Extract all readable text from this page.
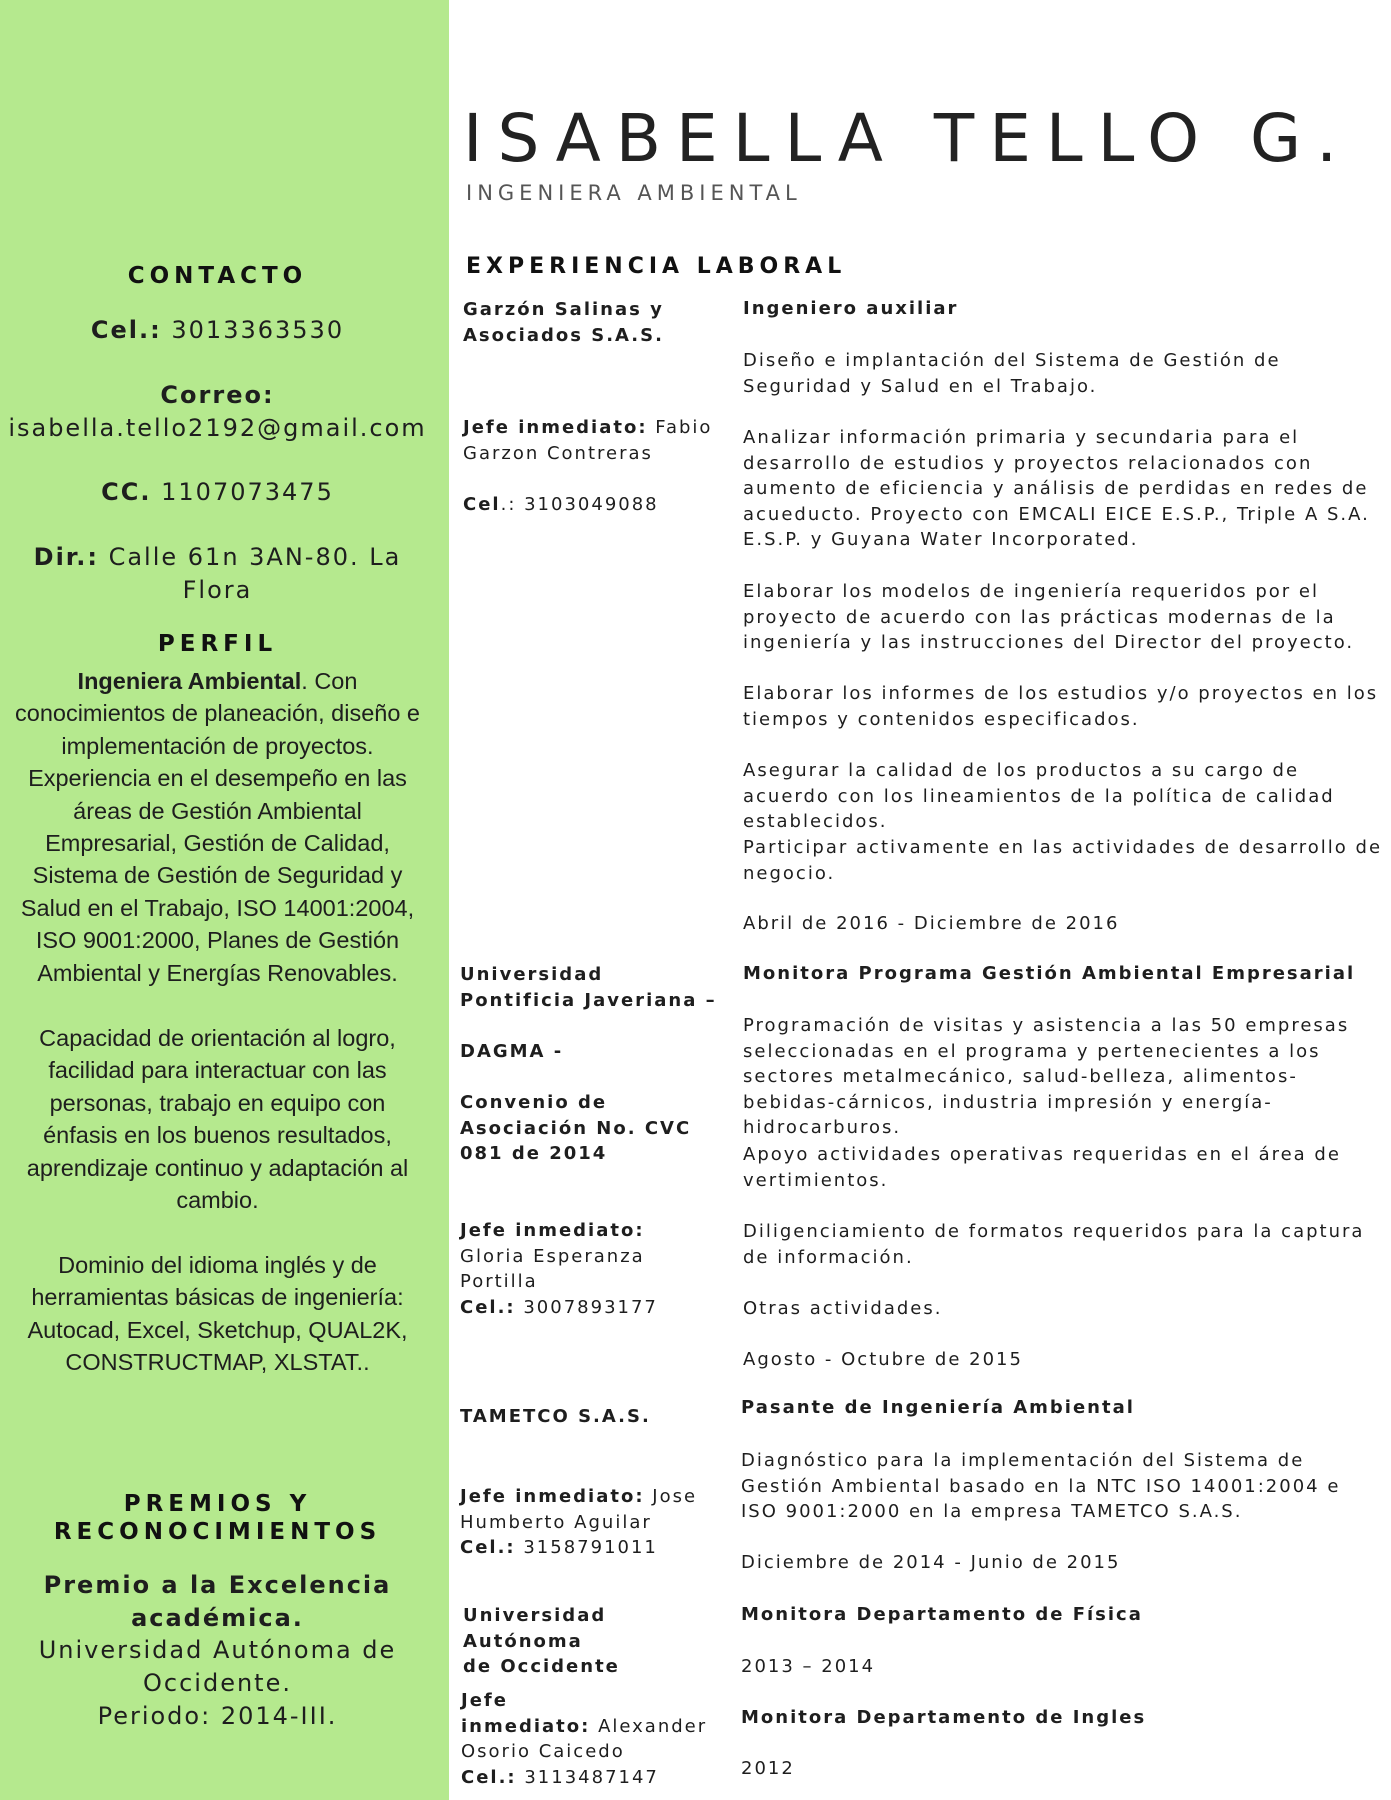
CONTACTO
Cel.: 3013363530
Correo:
isabella.tello2192@gmail.com
CC. 1107073475
Dir.: Calle 61n 3AN-80. La
Flora
PERFIL
Ingeniera Ambiental. Con conocimientos de planeación, diseño e implementación de proyectos. Experiencia en el desempeño en las áreas de Gestión Ambiental Empresarial, Gestión de Calidad, Sistema de Gestión de Seguridad y Salud en el Trabajo, ISO 14001:2004, ISO 9001:2000, Planes de Gestión Ambiental y Energías Renovables.
Capacidad de orientación al logro, facilidad para interactuar con las personas, trabajo en equipo con énfasis en los buenos resultados, aprendizaje continuo y adaptación al cambio.
Dominio del idioma inglés y de herramientas básicas de ingeniería: Autocad, Excel, Sketchup, QUAL2K, CONSTRUCTMAP, XLSTAT..
PREMIOS Y
RECONOCIMIENTOS
Premio a la Excelencia
académica.
Universidad Autónoma de
Occidente.
Periodo: 2014-III.
ISABELLA TELLO G.
INGENIERA AMBIENTAL
EXPERIENCIA LABORAL
Garzón Salinas y
Asociados S.A.S.
Jefe inmediato: Fabio
Garzon Contreras
Cel.: 3103049088
Ingeniero auxiliar
Diseño e implantación del Sistema de Gestión de Seguridad y Salud en el Trabajo.
Analizar información primaria y secundaria para el desarrollo de estudios y proyectos relacionados con aumento de eficiencia y análisis de perdidas en redes de acueducto. Proyecto con EMCALI EICE E.S.P., Triple A S.A. E.S.P. y Guyana Water Incorporated.
Elaborar los modelos de ingeniería requeridos por el proyecto de acuerdo con las prácticas modernas de la ingeniería y las instrucciones del Director del proyecto.
Elaborar los informes de los estudios y/o proyectos en los tiempos y contenidos especificados.
Asegurar la calidad de los productos a su cargo de acuerdo con los lineamientos de la política de calidad establecidos.
Participar activamente en las actividades de desarrollo de negocio.
Abril de 2016 - Diciembre de 2016
Universidad
Pontificia Javeriana –

DAGMA -

Convenio de
Asociación No. CVC
081 de 2014
Jefe inmediato:
Gloria Esperanza
Portilla
Cel.: 3007893177
Monitora Programa Gestión Ambiental Empresarial
Programación de visitas y asistencia a las 50 empresas seleccionadas en el programa y pertenecientes a los sectores metalmecánico, salud-belleza, alimentos-bebidas-cárnicos, industria impresión y energía-hidrocarburos.
Apoyo actividades operativas requeridas en el área de vertimientos.
Diligenciamiento de formatos requeridos para la captura de información.
Otras actividades.
Agosto - Octubre de 2015
TAMETCO S.A.S.
Jefe inmediato: Jose
Humberto Aguilar
Cel.: 3158791011
Pasante de Ingeniería Ambiental
Diagnóstico para la implementación del Sistema de Gestión Ambiental basado en la NTC ISO 14001:2004 e ISO 9001:2000 en la empresa TAMETCO S.A.S.
Diciembre de 2014 - Junio de 2015
Universidad Autónoma
de Occidente
Jefe
inmediato: Alexander
Osorio Caicedo
Cel.: 3113487147
Monitora Departamento de Física
2013 – 2014
Monitora Departamento de Ingles
2012
